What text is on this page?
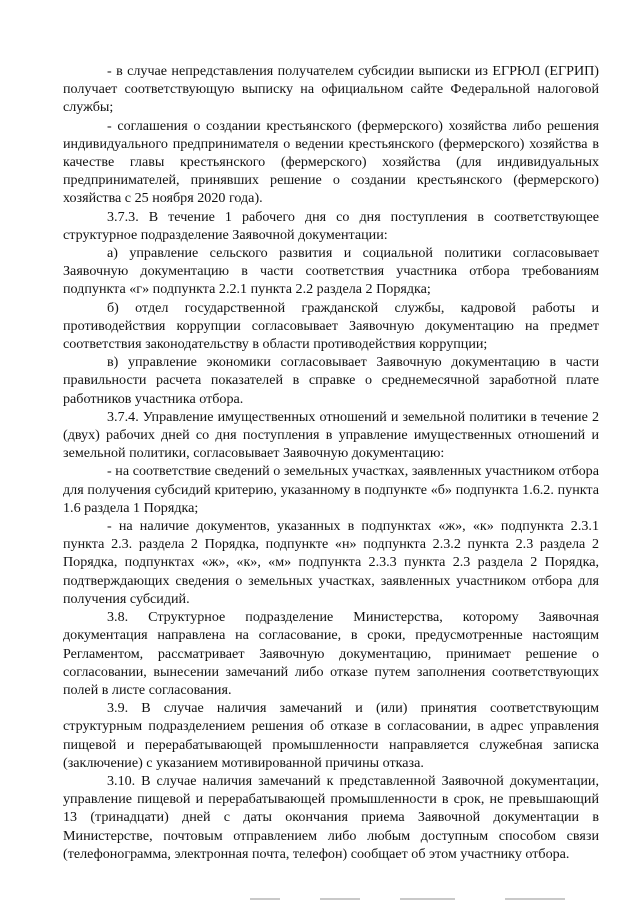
- в случае непредставления получателем субсидии выписки из ЕГРЮЛ (ЕГРИП) получает соответствующую выписку на официальном сайте Федеральной налоговой службы;

- соглашения о создании крестьянского (фермерского) хозяйства либо решения индивидуального предпринимателя о ведении крестьянского (фермерского) хозяйства в качестве главы крестьянского (фермерского) хозяйства (для индивидуальных предпринимателей, принявших решение о создании крестьянского (фермерского) хозяйства с 25 ноября 2020 года).

3.7.3. В течение 1 рабочего дня со дня поступления в соответствующее структурное подразделение Заявочной документации:

а) управление сельского развития и социальной политики согласовывает Заявочную документацию в части соответствия участника отбора требованиям подпункта «г» подпункта 2.2.1 пункта 2.2 раздела 2 Порядка;

б) отдел государственной гражданской службы, кадровой работы и противодействия коррупции согласовывает Заявочную документацию на предмет соответствия законодательству в области противодействия коррупции;

в) управление экономики согласовывает Заявочную документацию в части правильности расчета показателей в справке о среднемесячной заработной плате работников участника отбора.

3.7.4. Управление имущественных отношений и земельной политики в течение 2 (двух) рабочих дней со дня поступления в управление имущественных отношений и земельной политики, согласовывает Заявочную документацию:

- на соответствие сведений о земельных участках, заявленных участником отбора для получения субсидий критерию, указанному в подпункте «б» подпункта 1.6.2. пункта 1.6 раздела 1 Порядка;

- на наличие документов, указанных в подпунктах «ж», «к» подпункта 2.3.1 пункта 2.3. раздела 2 Порядка, подпункте «н» подпункта 2.3.2 пункта 2.3 раздела 2 Порядка, подпунктах «ж», «к», «м» подпункта 2.3.3 пункта 2.3 раздела 2 Порядка, подтверждающих сведения о земельных участках, заявленных участником отбора для получения субсидий.

3.8. Структурное подразделение Министерства, которому Заявочная документация направлена на согласование, в сроки, предусмотренные настоящим Регламентом, рассматривает Заявочную документацию, принимает решение о согласовании, вынесении замечаний либо отказе путем заполнения соответствующих полей в листе согласования.

3.9. В случае наличия замечаний и (или) принятия соответствующим структурным подразделением решения об отказе в согласовании, в адрес управления пищевой и перерабатывающей промышленности направляется служебная записка (заключение) с указанием мотивированной причины отказа.

3.10. В случае наличия замечаний к представленной Заявочной документации, управление пищевой и перерабатывающей промышленности в срок, не превышающий 13 (тринадцати) дней с даты окончания приема Заявочной документации в Министерстве, почтовым отправлением либо любым доступным способом связи (телефонограмма, электронная почта, телефон) сообщает об этом участнику отбора.
